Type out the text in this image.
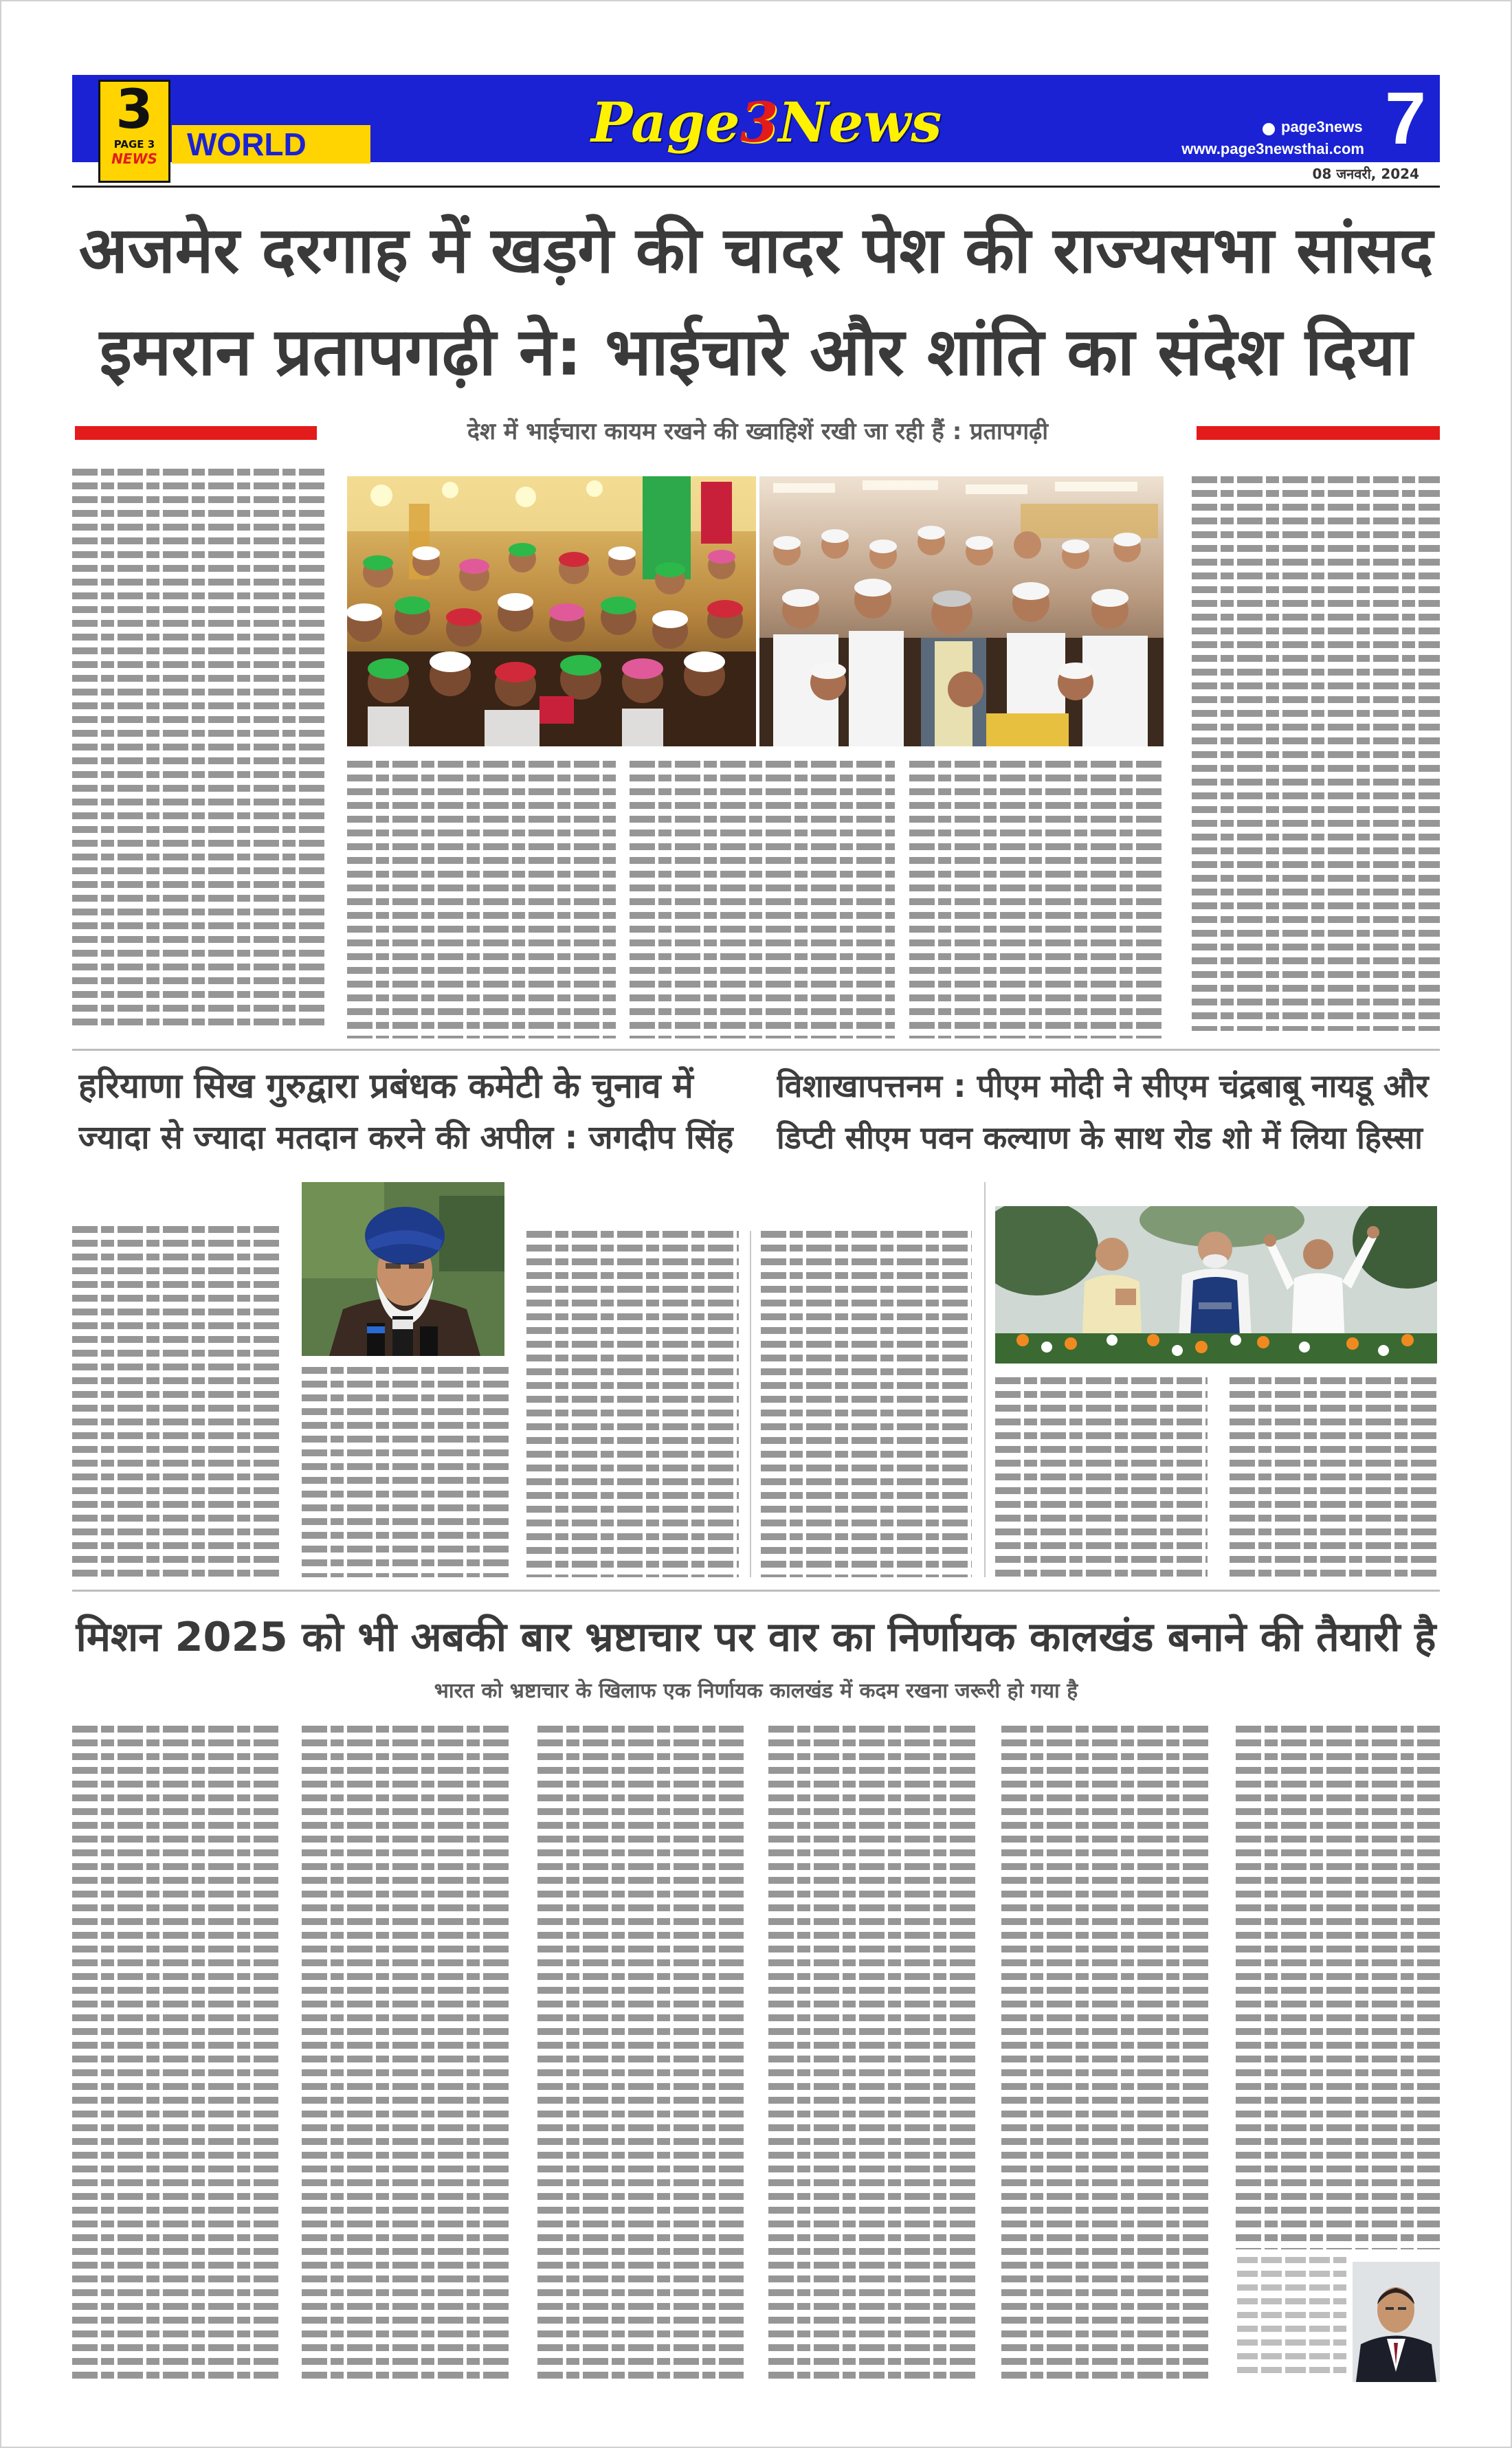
3
PAGE 3
NEWS WORLD	Page3News	page3news
www.page3newsthai.com 7
08 जनवरी, 2024
अजमेर दरगाह में खड़गे की चादर पेश की राज्यसभा सांसद
इमरान प्रतापगढ़ी ने: भाईचारे और शांति का संदेश दिया
देश में भाईचारा कायम रखने की ख्वाहिशें रखी जा रही हैं : प्रतापगढ़ी
हरियाणा सिख गुरुद्वारा प्रबंधक कमेटी के चुनाव में
ज्यादा से ज्यादा मतदान करने की अपील : जगदीप सिंह
विशाखापत्तनम : पीएम मोदी ने सीएम चंद्रबाबू नायडू और
डिप्टी सीएम पवन कल्याण के साथ रोड शो में लिया हिस्सा
मिशन 2025 को भी अबकी बार भ्रष्टाचार पर वार का निर्णायक कालखंड बनाने की तैयारी है
भारत को भ्रष्टाचार के खिलाफ एक निर्णायक कालखंड में कदम रखना जरूरी हो गया है
